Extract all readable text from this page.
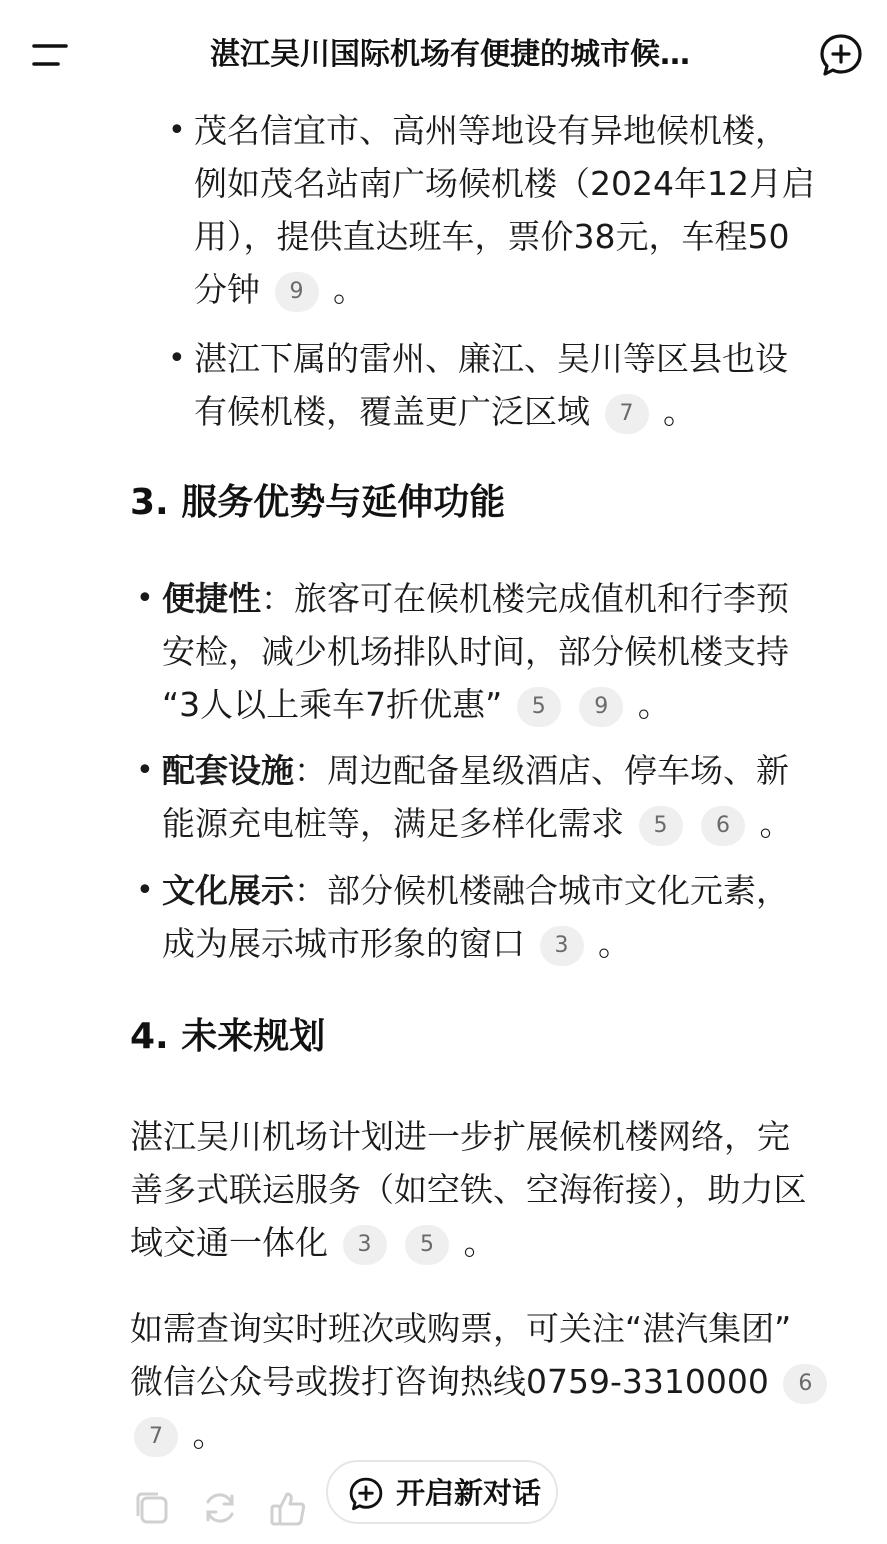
• 茂名信宜市、高州等地设有异地候机楼，
例如茂名站南广场候机楼（2024年12月启
用），提供直达班车，票价38元，车程50
分钟 9 。
• 湛江下属的雷州、廉江、吴川等区县也设
有候机楼，覆盖更广泛区域 7 。
3. 服务优势与延伸功能
• 便捷性：旅客可在候机楼完成值机和行李预
安检，减少机场排队时间，部分候机楼支持
“3人以上乘车7折优惠” 5 9 。
• 配套设施：周边配备星级酒店、停车场、新
能源充电桩等，满足多样化需求 5 6 。
• 文化展示：部分候机楼融合城市文化元素，
成为展示城市形象的窗口 3 。
4. 未来规划
湛江吴川机场计划进一步扩展候机楼网络，完
善多式联运服务（如空铁、空海衔接），助力区
域交通一体化 3 5 。
如需查询实时班次或购票，可关注“湛汽集团”
微信公众号或拨打咨询热线0759-3310000 6
7 。
湛江吴川国际机场有便捷的城市候…
开启新对话
